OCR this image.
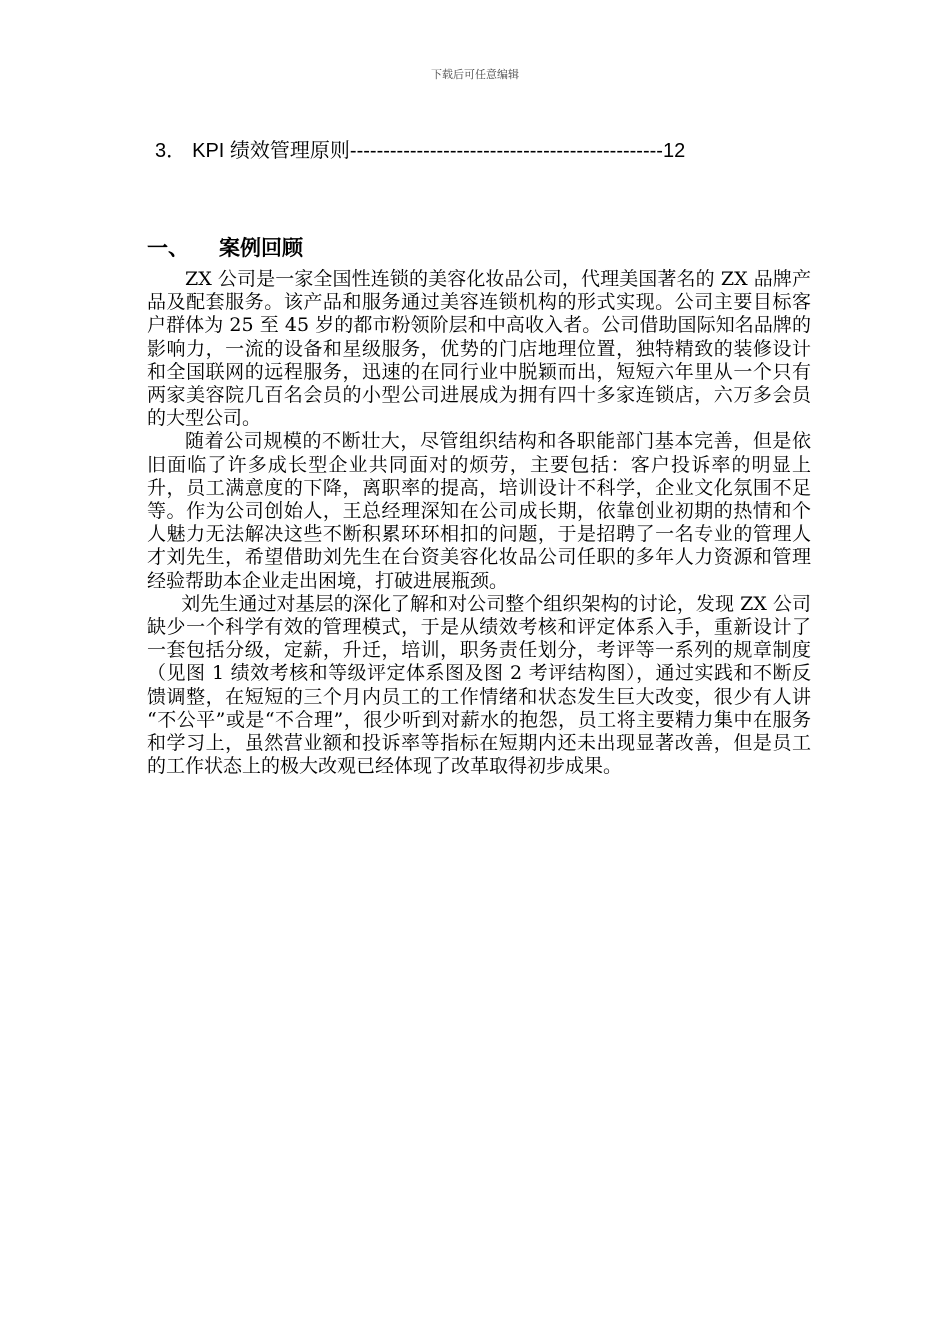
下载后可任意编辑
3． KPI 绩效管理原则-----------------------------------------------12
一、 案例回顾

ZX 公司是一家全国性连锁的美容化妆品公司，代理美国著名的 ZX 品牌产品及配套服务。该产品和服务通过美容连锁机构的形式实现。公司主要目标客户群体为 25 至 45 岁的都市粉领阶层和中高收入者。公司借助国际知名品牌的影响力，一流的设备和星级服务，优势的门店地理位置，独特精致的装修设计和全国联网的远程服务，迅速的在同行业中脱颖而出，短短六年里从一个只有两家美容院几百名会员的小型公司进展成为拥有四十多家连锁店，六万多会员的大型公司。

随着公司规模的不断壮大，尽管组织结构和各职能部门基本完善，但是依旧面临了许多成长型企业共同面对的烦劳，主要包括：客户投诉率的明显上升，员工满意度的下降，离职率的提高，培训设计不科学，企业文化氛围不足等。作为公司创始人，王总经理深知在公司成长期，依靠创业初期的热情和个人魅力无法解决这些不断积累环环相扣的问题，于是招聘了一名专业的管理人才刘先生，希望借助刘先生在台资美容化妆品公司任职的多年人力资源和管理经验帮助本企业走出困境，打破进展瓶颈。

刘先生通过对基层的深化了解和对公司整个组织架构的讨论，发现 ZX 公司缺少一个科学有效的管理模式，于是从绩效考核和评定体系入手，重新设计了一套包括分级，定薪，升迁，培训，职务责任划分，考评等一系列的规章制度（见图 1 绩效考核和等级评定体系图及图 2 考评结构图），通过实践和不断反馈调整，在短短的三个月内员工的工作情绪和状态发生巨大改变，很少有人讲 “不公平”或是“不合理”，很少听到对薪水的抱怨，员工将主要精力集中在服务和学习上，虽然营业额和投诉率等指标在短期内还未出现显著改善，但是员工的工作状态上的极大改观已经体现了改革取得初步成果。
